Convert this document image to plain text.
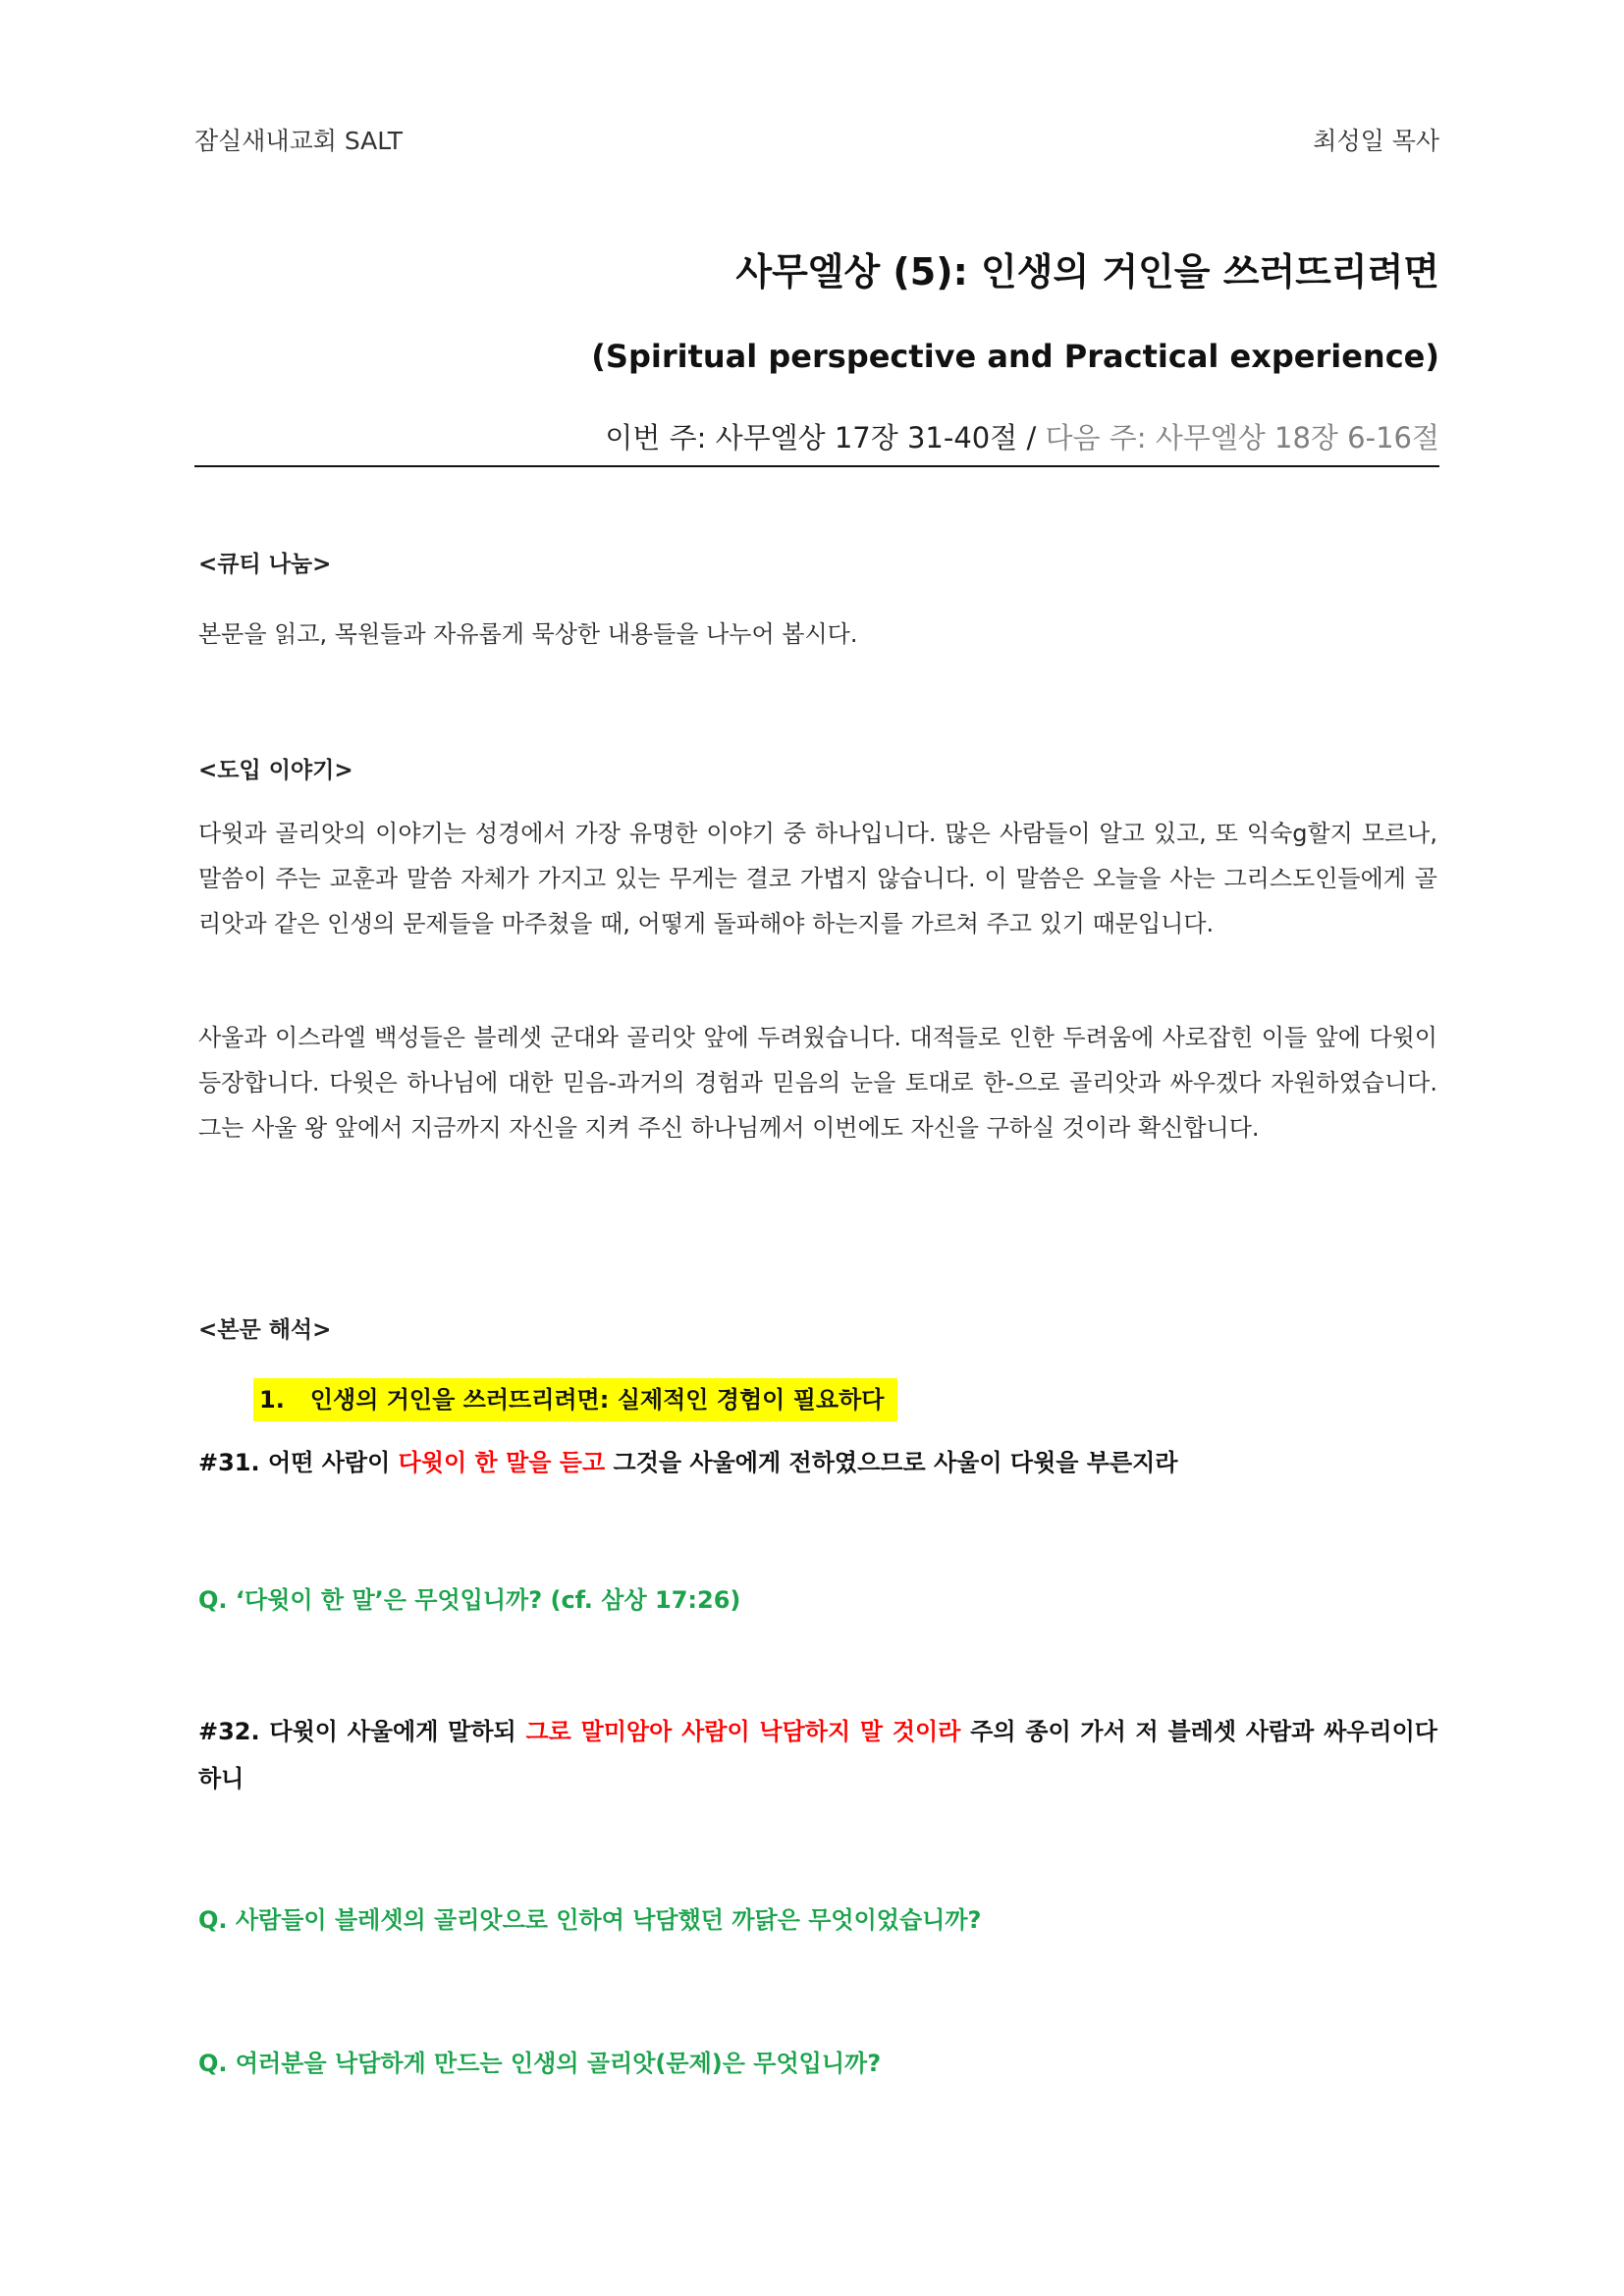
잠실새내교회 SALT	최성일 목사
사무엘상 (5): 인생의 거인을 쓰러뜨리려면
(Spiritual perspective and Practical experience)
이번 주: 사무엘상 17장 31-40절 / 다음 주: 사무엘상 18장 6-16절
<큐티 나눔>
본문을 읽고, 목원들과 자유롭게 묵상한 내용들을 나누어 봅시다.
<도입 이야기>
다윗과 골리앗의 이야기는 성경에서 가장 유명한 이야기 중 하나입니다. 많은 사람들이 알고 있고, 또 익숙g할지 모르나, 말씀이 주는 교훈과 말씀 자체가 가지고 있는 무게는 결코 가볍지 않습니다. 이 말씀은 오늘을 사는 그리스도인들에게 골리앗과 같은 인생의 문제들을 마주쳤을 때, 어떻게 돌파해야 하는지를 가르쳐 주고 있기 때문입니다.
사울과 이스라엘 백성들은 블레셋 군대와 골리앗 앞에 두려웠습니다. 대적들로 인한 두려움에 사로잡힌 이들 앞에 다윗이 등장합니다. 다윗은 하나님에 대한 믿음-과거의 경험과 믿음의 눈을 토대로 한-으로 골리앗과 싸우겠다 자원하였습니다. 그는 사울 왕 앞에서 지금까지 자신을 지켜 주신 하나님께서 이번에도 자신을 구하실 것이라 확신합니다.
<본문 해석>
1. 인생의 거인을 쓰러뜨리려면: 실제적인 경험이 필요하다
#31. 어떤 사람이 다윗이 한 말을 듣고 그것을 사울에게 전하였으므로 사울이 다윗을 부른지라
Q. ‘다윗이 한 말’은 무엇입니까? (cf. 삼상 17:26)
#32. 다윗이 사울에게 말하되 그로 말미암아 사람이 낙담하지 말 것이라 주의 종이 가서 저 블레셋 사람과 싸우리이다 하니
Q. 사람들이 블레셋의 골리앗으로 인하여 낙담했던 까닭은 무엇이었습니까?
Q. 여러분을 낙담하게 만드는 인생의 골리앗(문제)은 무엇입니까?
